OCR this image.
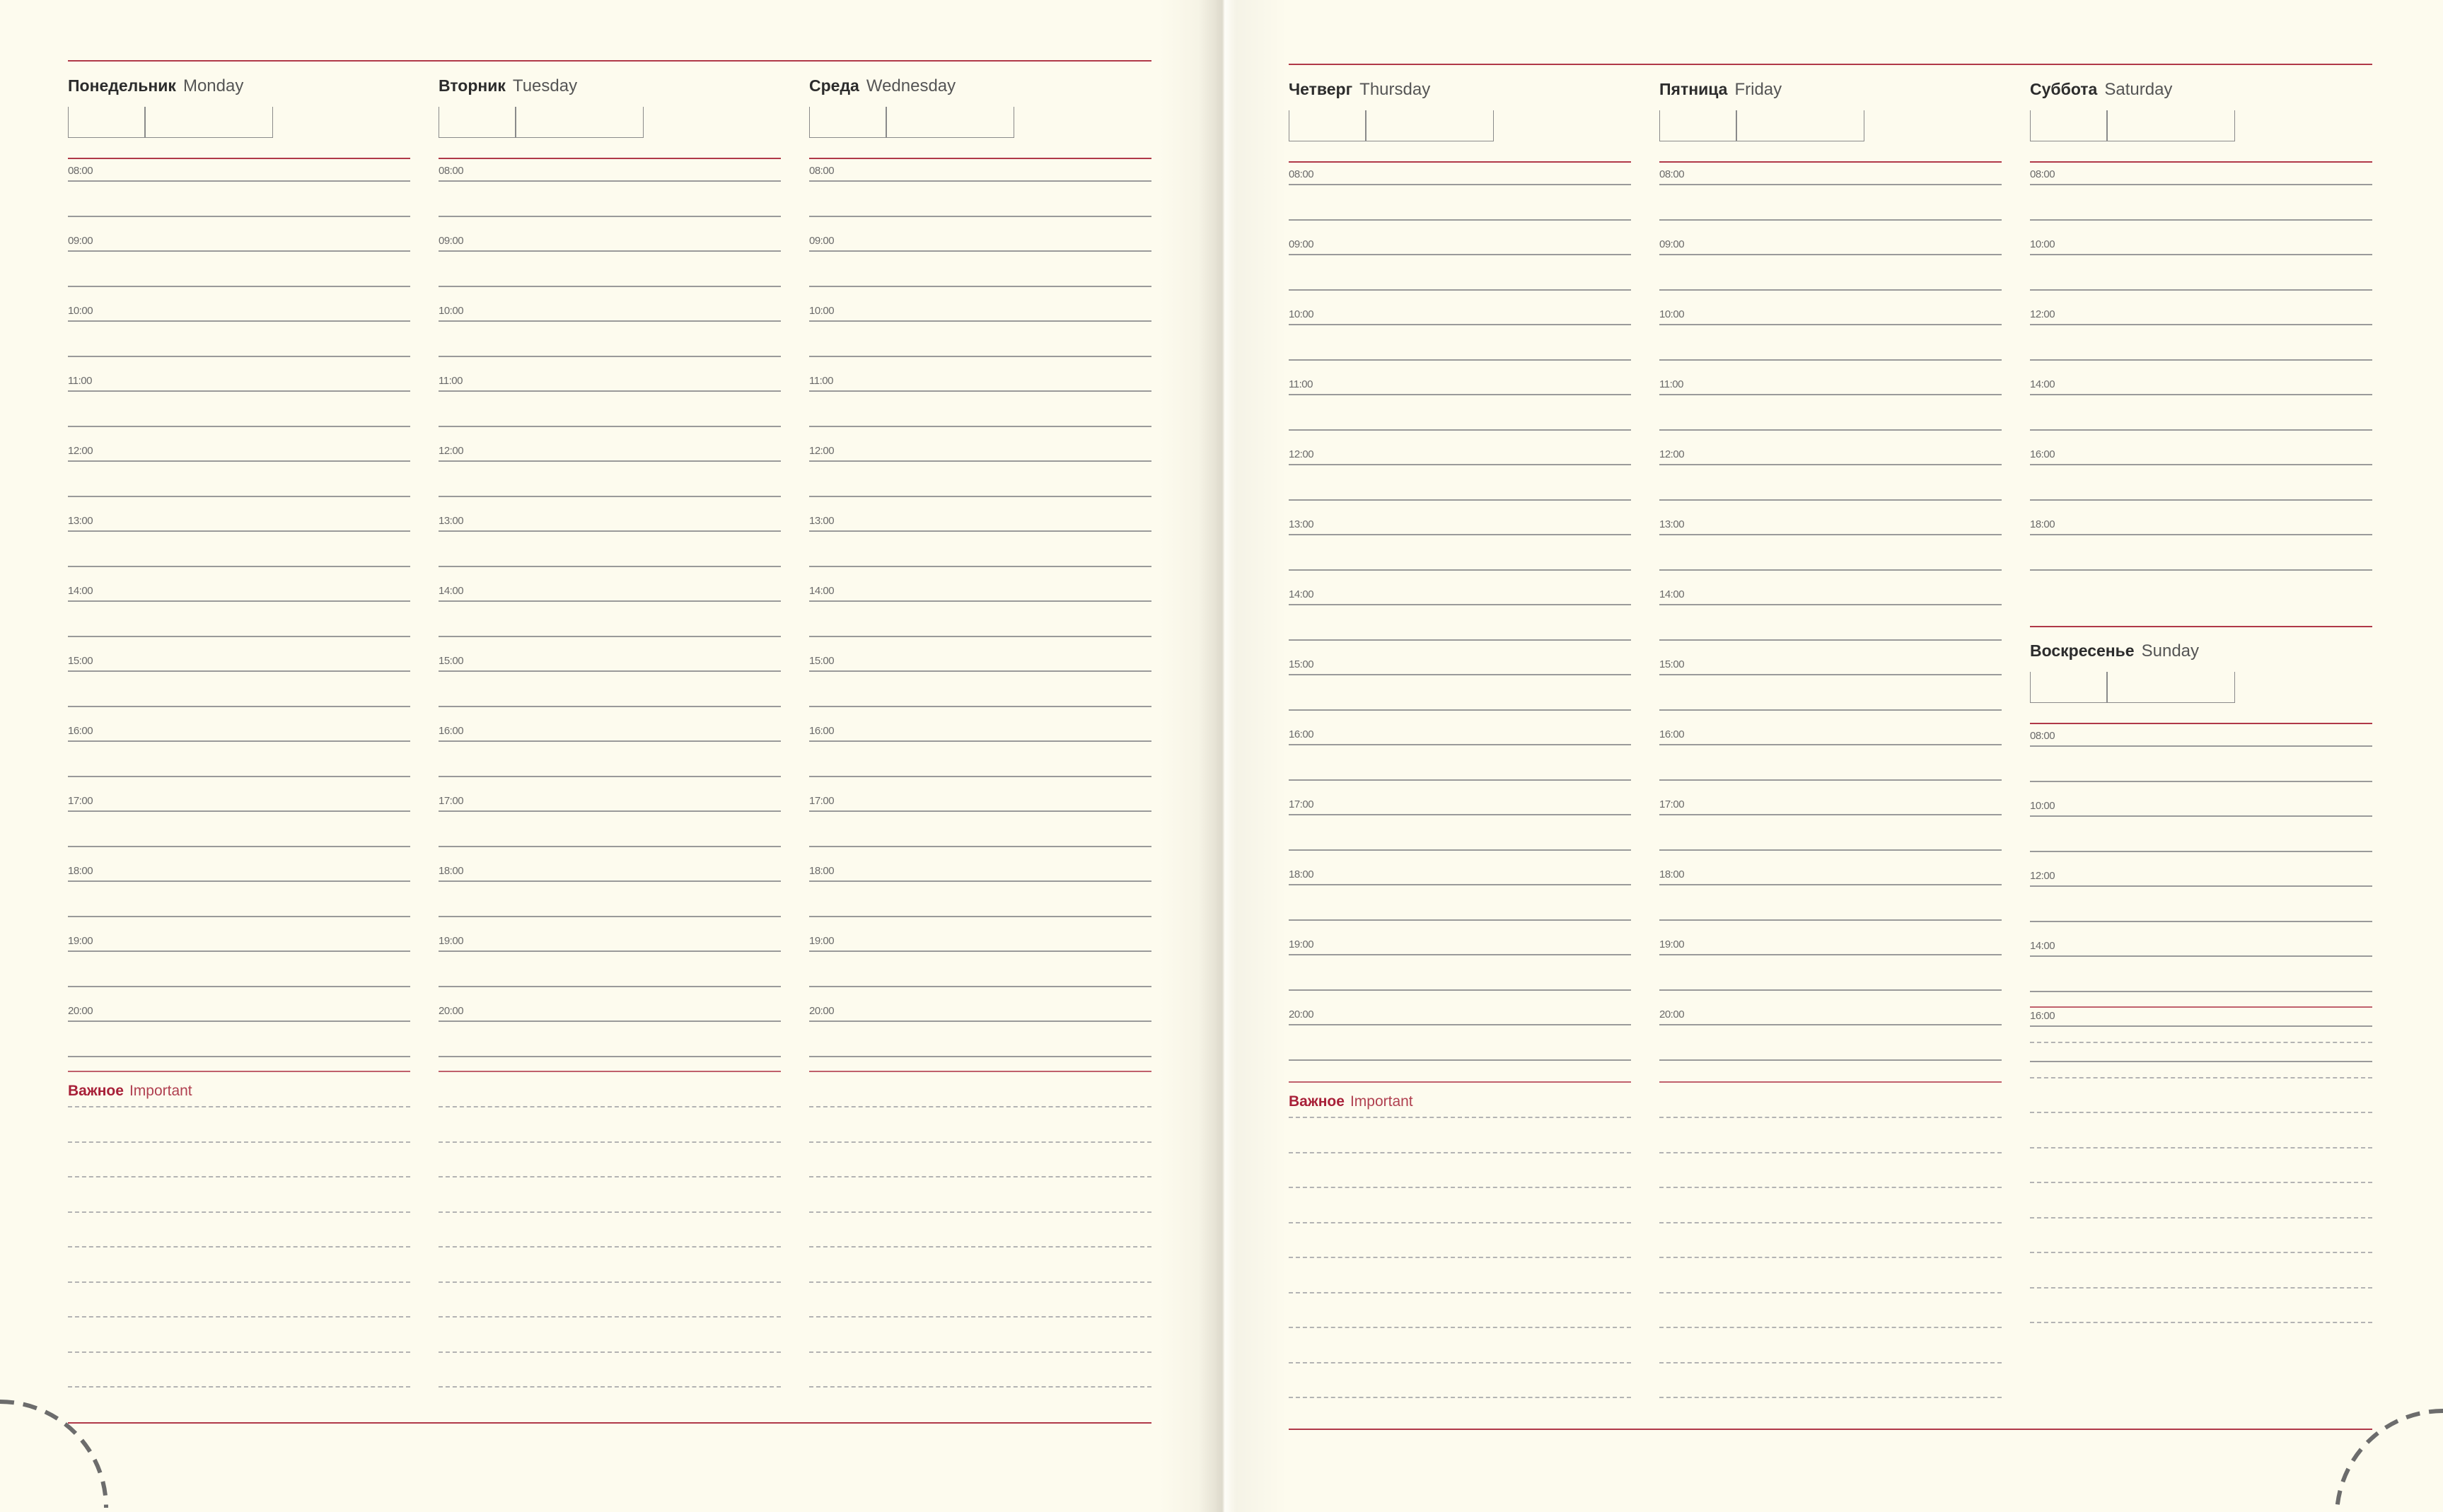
Понедельник Monday
08:00
09:00
10:00
11:00
12:00
13:00
14:00
15:00
16:00
17:00
18:00
19:00
20:00
Важное Important
Вторник Tuesday
08:00
09:00
10:00
11:00
12:00
13:00
14:00
15:00
16:00
17:00
18:00
19:00
20:00
Среда Wednesday
08:00
09:00
10:00
11:00
12:00
13:00
14:00
15:00
16:00
17:00
18:00
19:00
20:00
Четверг Thursday
08:00
09:00
10:00
11:00
12:00
13:00
14:00
15:00
16:00
17:00
18:00
19:00
20:00
Важное Important
Пятница Friday
08:00
09:00
10:00
11:00
12:00
13:00
14:00
15:00
16:00
17:00
18:00
19:00
20:00
Суббота Saturday
08:00
10:00
12:00
14:00
16:00
18:00
Воскресенье Sunday
08:00
10:00
12:00
14:00
16:00
